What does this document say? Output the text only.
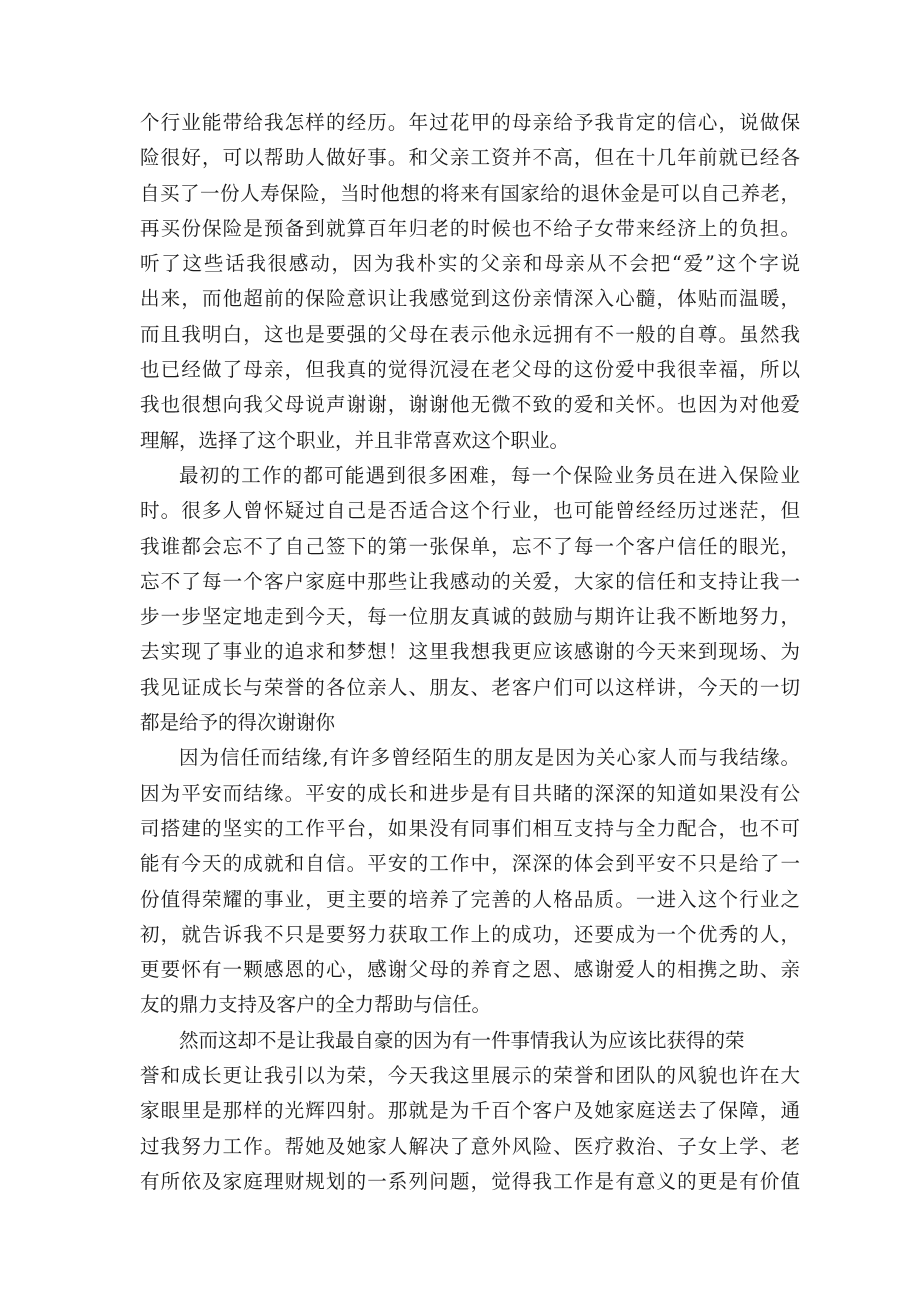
个行业能带给我怎样的经历。年过花甲的母亲给予我肯定的信心，说做保
险很好，可以帮助人做好事。和父亲工资并不高，但在十几年前就已经各
自买了一份人寿保险，当时他想的将来有国家给的退休金是可以自己养老，
再买份保险是预备到就算百年归老的时候也不给子女带来经济上的负担。
听了这些话我很感动，因为我朴实的父亲和母亲从不会把“爱”这个字说
出来，而他超前的保险意识让我感觉到这份亲情深入心髓，体贴而温暖，
而且我明白，这也是要强的父母在表示他永远拥有不一般的自尊。虽然我
也已经做了母亲，但我真的觉得沉浸在老父母的这份爱中我很幸福，所以
我也很想向我父母说声谢谢，谢谢他无微不致的爱和关怀。也因为对他爱
理解，选择了这个职业，并且非常喜欢这个职业。
最初的工作的都可能遇到很多困难，每一个保险业务员在进入保险业
时。很多人曾怀疑过自己是否适合这个行业，也可能曾经经历过迷茫，但
我谁都会忘不了自己签下的第一张保单，忘不了每一个客户信任的眼光，
忘不了每一个客户家庭中那些让我感动的关爱，大家的信任和支持让我一
步一步坚定地走到今天，每一位朋友真诚的鼓励与期许让我不断地努力，
去实现了事业的追求和梦想！这里我想我更应该感谢的今天来到现场、为
我见证成长与荣誉的各位亲人、朋友、老客户们可以这样讲，今天的一切
都是给予的得次谢谢你
因为信任而结缘,有许多曾经陌生的朋友是因为关心家人而与我结缘。
因为平安而结缘。平安的成长和进步是有目共睹的深深的知道如果没有公
司搭建的坚实的工作平台，如果没有同事们相互支持与全力配合，也不可
能有今天的成就和自信。平安的工作中，深深的体会到平安不只是给了一
份值得荣耀的事业，更主要的培养了完善的人格品质。一进入这个行业之
初，就告诉我不只是要努力获取工作上的成功，还要成为一个优秀的人，
更要怀有一颗感恩的心，感谢父母的养育之恩、感谢爱人的相携之助、亲
友的鼎力支持及客户的全力帮助与信任。
然而这却不是让我最自豪的因为有一件事情我认为应该比获得的荣
誉和成长更让我引以为荣，今天我这里展示的荣誉和团队的风貌也许在大
家眼里是那样的光辉四射。那就是为千百个客户及她家庭送去了保障，通
过我努力工作。帮她及她家人解决了意外风险、医疗救治、子女上学、老
有所依及家庭理财规划的一系列问题，觉得我工作是有意义的更是有价值
